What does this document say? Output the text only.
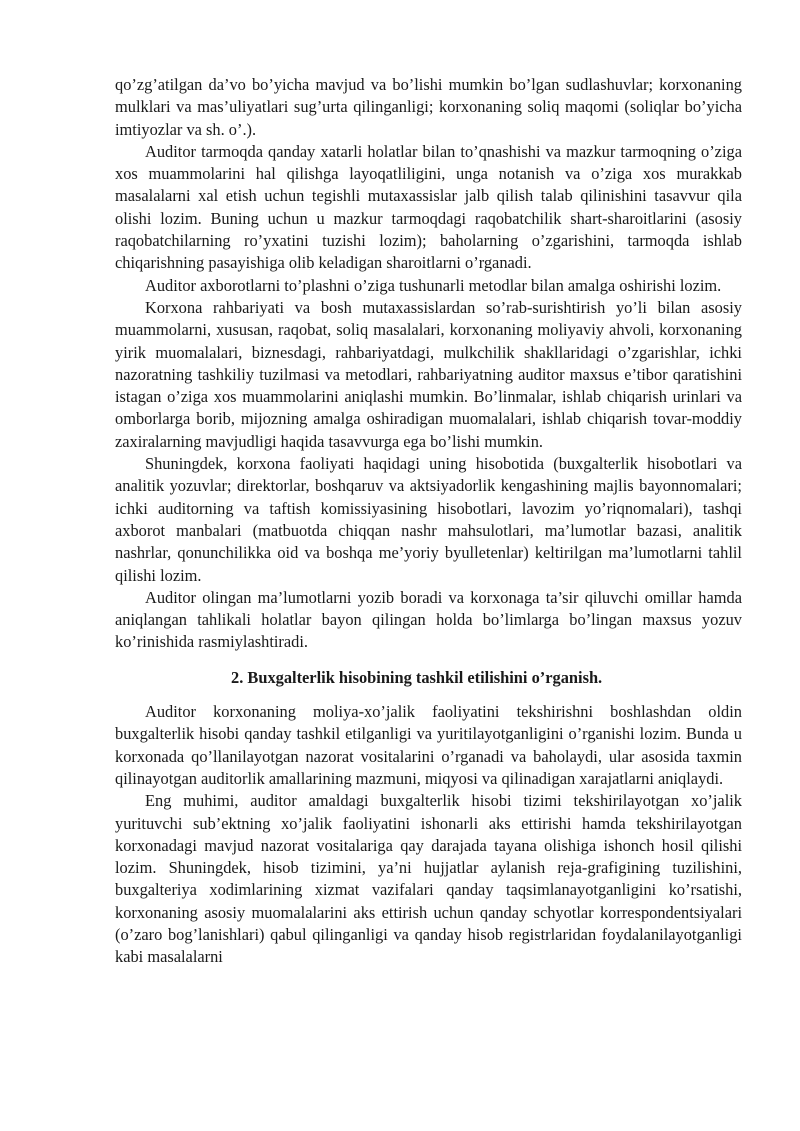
qo’zg’atilgan da’vo bo’yicha mavjud va bo’lishi mumkin bo’lgan sudlashuvlar; korxonaning mulklari va mas’uliyatlari sug’urta qilinganligi; korxonaning soliq maqomi (soliqlar bo’yicha imtiyozlar va sh. o’.).

Auditor tarmoqda qanday xatarli holatlar bilan to’qnashishi va mazkur tarmoqning o’ziga xos muammolarini hal qilishga layoqatliligini, unga notanish va o’ziga xos murakkab masalalarni xal etish uchun tegishli mutaxassislar jalb qilish talab qilinishini tasavvur qila olishi lozim. Buning uchun u mazkur tarmoqdagi raqobatchilik shart-sharoitlarini (asosiy raqobatchilarning ro’yxatini tuzishi lozim); baholarning o’zgarishini, tarmoqda ishlab chiqarishning pasayishiga olib keladigan sharoitlarni o’rganadi.

Auditor axborotlarni to’plashni o’ziga tushunarli metodlar bilan amalga oshirishi lozim.

Korxona rahbariyati va bosh mutaxassislardan so’rab-surishtirish yo’li bilan asosiy muammolarni, xususan, raqobat, soliq masalalari, korxonaning moliyaviy ahvoli, korxonaning yirik muomalalari, biznesdagi, rahbariyatdagi, mulkchilik shakllaridagi o’zgarishlar, ichki nazoratning tashkiliy tuzilmasi va metodlari, rahbariyatning auditor maxsus e’tibor qaratishini istagan o’ziga xos muammolarini aniqlashi mumkin. Bo’linmalar, ishlab chiqarish urinlari va omborlarga borib, mijozning amalga oshiradigan muomalalari, ishlab chiqarish tovar-moddiy zaxiralarning mavjudligi haqida tasavvurga ega bo’lishi mumkin.

Shuningdek, korxona faoliyati haqidagi uning hisobotida (buxgalterlik hisobotlari va analitik yozuvlar; direktorlar, boshqaruv va aktsiyadorlik kengashining majlis bayonnomalari; ichki auditorning va taftish komissiyasining hisobotlari, lavozim yo’riqnomalari), tashqi axborot manbalari (matbuotda chiqqan nashr mahsulotlari, ma’lumotlar bazasi, analitik nashrlar, qonunchilikka oid va boshqa me’yoriy byulletenlar) keltirilgan ma’lumotlarni tahlil qilishi lozim.

Auditor olingan ma’lumotlarni yozib boradi va korxonaga ta’sir qiluvchi omillar hamda aniqlangan tahlikali holatlar bayon qilingan holda bo’limlarga bo’lingan maxsus yozuv ko’rinishida rasmiylashtiradi.

2. Buxgalterlik hisobining tashkil etilishini o’rganish.

Auditor korxonaning moliya-xo’jalik faoliyatini tekshirishni boshlashdan oldin buxgalterlik hisobi qanday tashkil etilganligi va yuritilayotganligini o’rganishi lozim. Bunda u korxonada qo’llanilayotgan nazorat vositalarini o’rganadi va baholaydi, ular asosida taxmin qilinayotgan auditorlik amallarining mazmuni, miqyosi va qilinadigan xarajatlarni aniqlaydi.

Eng muhimi, auditor amaldagi buxgalterlik hisobi tizimi tekshirilayotgan xo’jalik yurituvchi sub’ektning xo’jalik faoliyatini ishonarli aks ettirishi hamda tekshirilayotgan korxonadagi mavjud nazorat vositalariga qay darajada tayana olishiga ishonch hosil qilishi lozim. Shuningdek, hisob tizimini, ya’ni hujjatlar aylanish reja-grafigining tuzilishini, buxgalteriya xodimlarining xizmat vazifalari qanday taqsimlanayotganligini ko’rsatishi, korxonaning asosiy muomalalarini aks ettirish uchun qanday schyotlar korrespondentsiyalari (o’zaro bog’lanishlari) qabul qilinganligi va qanday hisob registrlaridan foydalanilayotganligi kabi masalalarni
